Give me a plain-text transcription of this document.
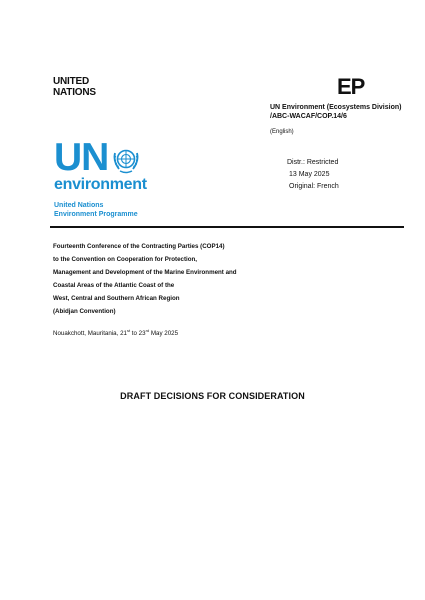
UNITED
NATIONS	EP
UN Environment (Ecosystems Division)
/ABC-WACAF/COP.14/6
(English)
UN
environment
United Nations
Environment Programme
Distr.: Restricted
13 May 2025
Original: French
Fourteenth Conference of the Contracting Parties (COP14)
to the Convention on Cooperation for Protection,
Management and Development of the Marine Environment and
Coastal Areas of the Atlantic Coast of the
West, Central and Southern African Region
(Abidjan Convention)
Nouakchott, Mauritania, 21st to 23rd May 2025
DRAFT DECISIONS FOR CONSIDERATION
